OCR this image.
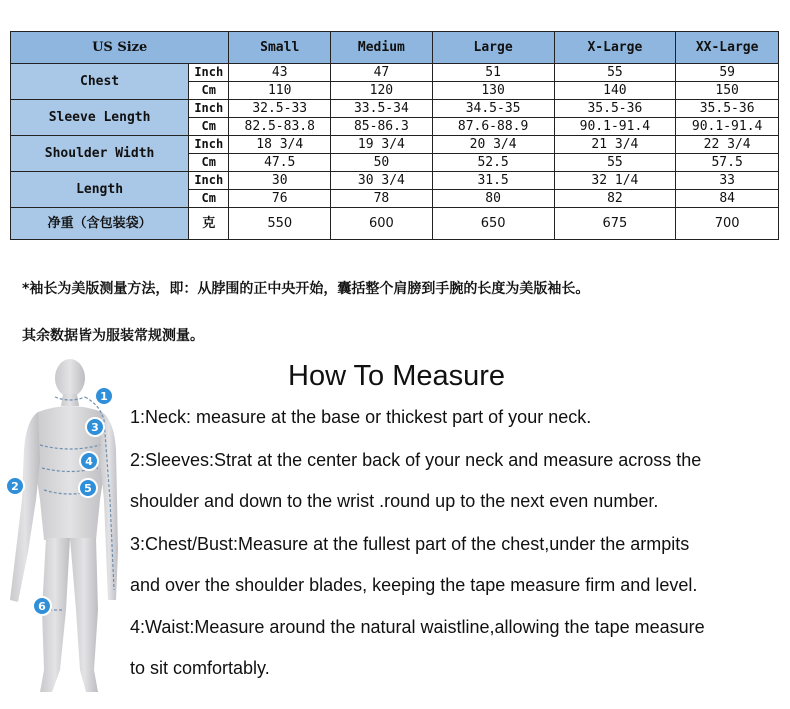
US Size		Small	Medium	Large	X-Large	XX-Large
Chest	Inch	43	47	51	55	59
	Cm	110	120	130	140	150
Sleeve Length	Inch	32.5-33	33.5-34	34.5-35	35.5-36	35.5-36
	Cm	82.5-83.8	85-86.3	87.6-88.9	90.1-91.4	90.1-91.4
Shoulder Width	Inch	18 3/4	19 3/4	20 3/4	21 3/4	22 3/4
	Cm	47.5	50	52.5	55	57.5
Length	Inch	30	30 3/4	31.5	32 1/4	33
	Cm	76	78	80	82	84
净重（含包装袋）	克	550	600	650	675	700
*袖长为美版测量方法，即：从脖围的正中央开始，囊括整个肩膀到手腕的长度为美版袖长。
其余数据皆为服装常规测量。
1
3
4
2	5
6
How To Measure
1:Neck: measure at the base or thickest part of your neck.
2:Sleeves:Strat at the center back of your neck and measure across the
shoulder and down to the wrist .round up to the next even number.
3:Chest/Bust:Measure at the fullest part of the chest,under the armpits
and over the shoulder blades, keeping the tape measure firm and level.
4:Waist:Measure around the natural waistline,allowing the tape measure
to sit comfortably.
